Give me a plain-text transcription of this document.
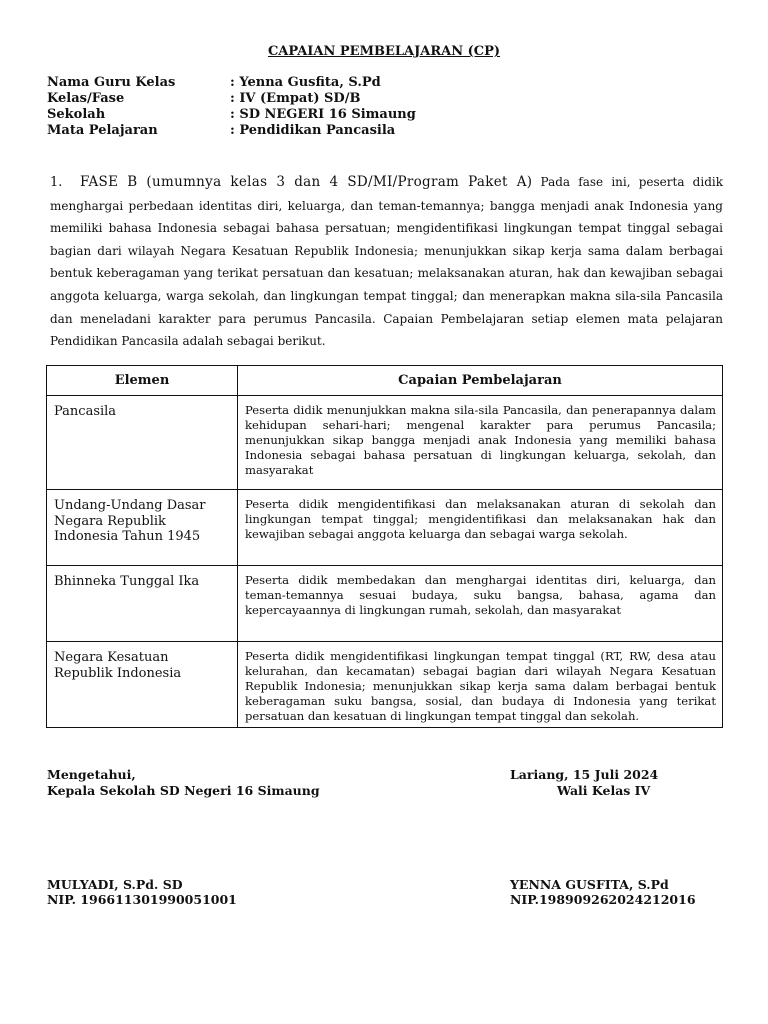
CAPAIAN PEMBELAJARAN (CP)
Nama Guru Kelas	: Yenna Gusfita, S.Pd
Kelas/Fase	: IV (Empat) SD/B
Sekolah	: SD NEGERI 16 Simaung
Mata Pelajaran	: Pendidikan Pancasila
1. FASE B (umumnya kelas 3 dan 4 SD/MI/Program Paket A) Pada fase ini, peserta didik menghargai perbedaan identitas diri, keluarga, dan teman-temannya; bangga menjadi anak Indonesia yang memiliki bahasa Indonesia sebagai bahasa persatuan; mengidentifikasi lingkungan tempat tinggal sebagai bagian dari wilayah Negara Kesatuan Republik Indonesia; menunjukkan sikap kerja sama dalam berbagai bentuk keberagaman yang terikat persatuan dan kesatuan; melaksanakan aturan, hak dan kewajiban sebagai anggota keluarga, warga sekolah, dan lingkungan tempat tinggal; dan menerapkan makna sila-sila Pancasila dan meneladani karakter para perumus Pancasila. Capaian Pembelajaran setiap elemen mata pelajaran Pendidikan Pancasila adalah sebagai berikut.
Elemen	Capaian Pembelajaran
Pancasila	Peserta didik menunjukkan makna sila-sila Pancasila, dan penerapannya dalam kehidupan sehari-hari; mengenal karakter para perumus Pancasila; menunjukkan sikap bangga menjadi anak Indonesia yang memiliki bahasa Indonesia sebagai bahasa persatuan di lingkungan keluarga, sekolah, dan masyarakat
Undang-Undang Dasar Negara Republik Indonesia Tahun 1945	Peserta didik mengidentifikasi dan melaksanakan aturan di sekolah dan lingkungan tempat tinggal; mengidentifikasi dan melaksanakan hak dan kewajiban sebagai anggota keluarga dan sebagai warga sekolah.
Bhinneka Tunggal Ika	Peserta didik membedakan dan menghargai identitas diri, keluarga, dan teman-temannya sesuai budaya, suku bangsa, bahasa, agama dan kepercayaannya di lingkungan rumah, sekolah, dan masyarakat
Negara Kesatuan Republik Indonesia	Peserta didik mengidentifikasi lingkungan tempat tinggal (RT, RW, desa atau kelurahan, dan kecamatan) sebagai bagian dari wilayah Negara Kesatuan Republik Indonesia; menunjukkan sikap kerja sama dalam berbagai bentuk keberagaman suku bangsa, sosial, dan budaya di Indonesia yang terikat persatuan dan kesatuan di lingkungan tempat tinggal dan sekolah.
Mengetahui,
Kepala Sekolah SD Negeri 16 Simaung
MULYADI, S.Pd. SD
NIP. 196611301990051001
Lariang, 15 Juli 2024
Wali Kelas IV
YENNA GUSFITA, S.Pd
NIP.198909262024212016
